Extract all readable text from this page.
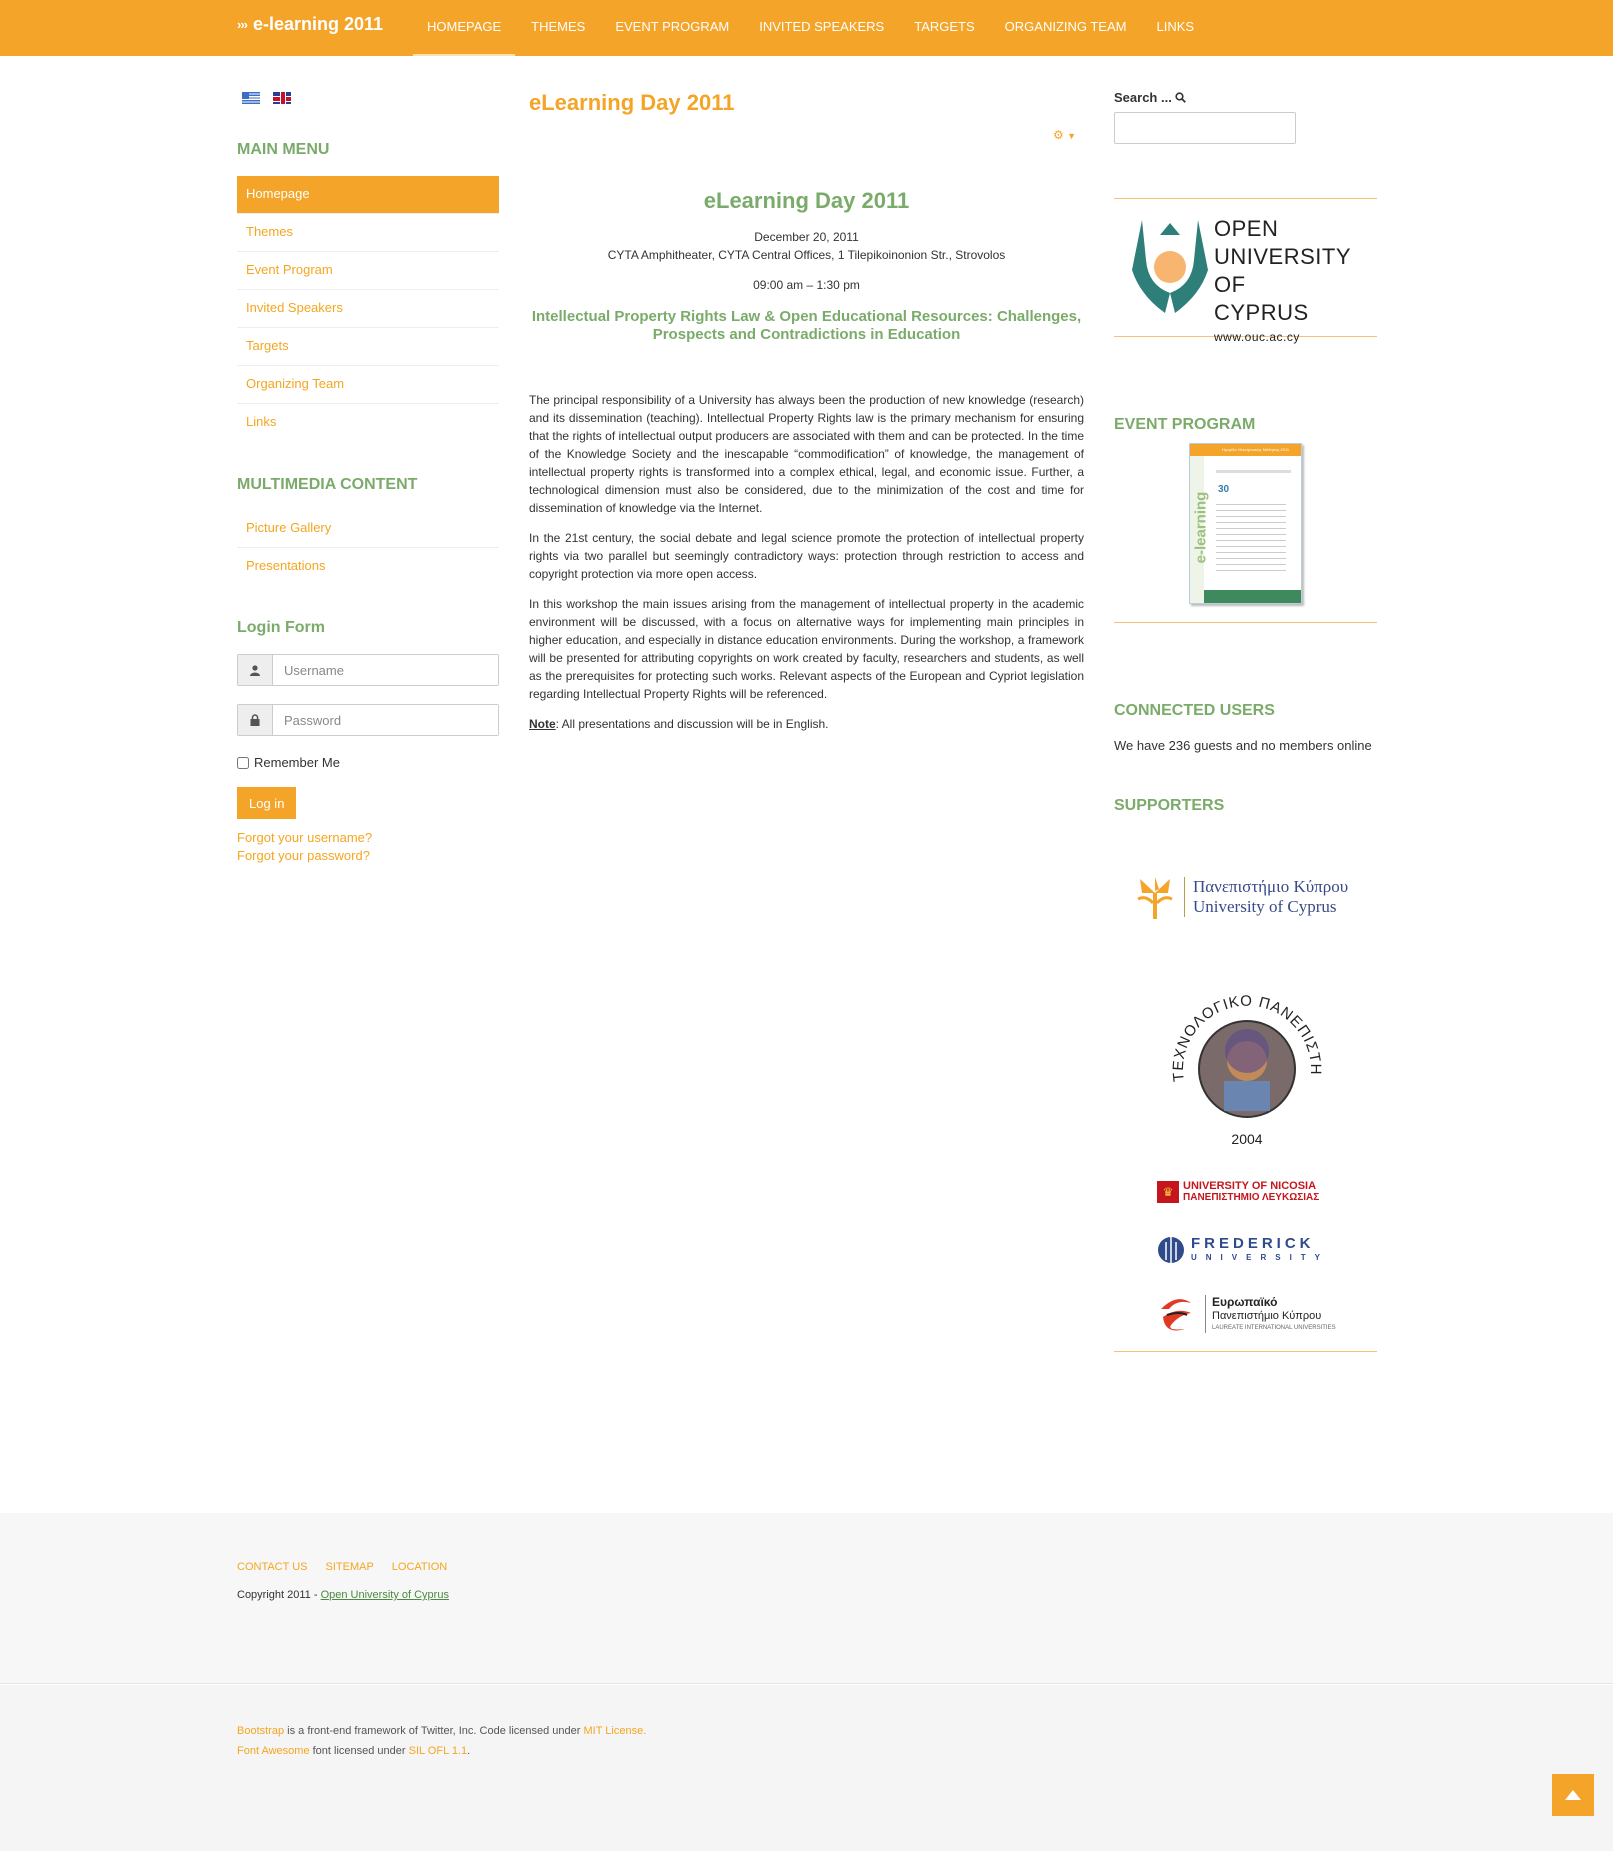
››› e-learning 2011	HOMEPAGE	THEMES	EVENT PROGRAM	INVITED SPEAKERS	TARGETS	ORGANIZING TEAM	LINKS
MAIN MENU
Homepage
Themes
Event Program
Invited Speakers
Targets
Organizing Team
Links
MULTIMEDIA CONTENT
Picture Gallery
Presentations
Login Form
Username
Remember Me
Log in
Forgot your username?
Forgot your password?
eLearning Day 2011
⚙ ▼
eLearning Day 2011

December 20, 2011

CYTA Amphitheater, CYTA Central Offices, 1 Tilepikoinonion Str., Strovolos

09:00 am – 1:30 pm

Intellectual Property Rights Law & Open Educational Resources: Challenges, Prospects and Contradictions in Education

The principal responsibility of a University has always been the production of new knowledge (research) and its dissemination (teaching). Intellectual Property Rights law is the primary mechanism for ensuring that the rights of intellectual output producers are associated with them and can be protected. In the time of the Knowledge Society and the inescapable “commodification” of knowledge, the management of intellectual property rights is transformed into a complex ethical, legal, and economic issue. Further, a technological dimension must also be considered, due to the minimization of the cost and time for dissemination of knowledge via the Internet.

In the 21st century, the social debate and legal science promote the protection of intellectual property rights via two parallel but seemingly contradictory ways: protection through restriction to access and copyright protection via more open access.

In this workshop the main issues arising from the management of intellectual property in the academic environment will be discussed, with a focus on alternative ways for implementing main principles in higher education, and especially in distance education environments. During the workshop, a framework will be presented for attributing copyrights on work created by faculty, researchers and students, as well as the prerequisites for protecting such works. Relevant aspects of the European and Cypriot legislation regarding Intellectual Property Rights will be referenced.

Note: All presentations and discussion will be in English.

Search ...
OPEN
UNIVERSITY OF
CYPRUS
www.ouc.ac.cy
EVENT PROGRAM
Ημερίδα Ηλεκτρονικής Μάθησης 2011
e-learning
30
CONNECTED USERS

We have 236 guests and no members online

SUPPORTERS
Πανεπιστήμιο Κύπρου
University of Cyprus
ΤΕΧΝΟΛΟΓΙΚΟ ΠΑΝΕΠΙΣΤΗ
2004
♛ UNIVERSITY OF NICOSIA
ΠΑΝΕΠΙΣΤΗΜΙΟ ΛΕΥΚΩΣΙΑΣ
FREDERICK
UNIVERSITY
Ευρωπαϊκό
Πανεπιστήμιο Κύπρου
LAUREATE INTERNATIONAL UNIVERSITIES
CONTACT US SITEMAP LOCATION

Copyright 2011 - Open University of Cyprus

Bootstrap is a front-end framework of Twitter, Inc. Code licensed under MIT License.
Font Awesome font licensed under SIL OFL 1.1.
